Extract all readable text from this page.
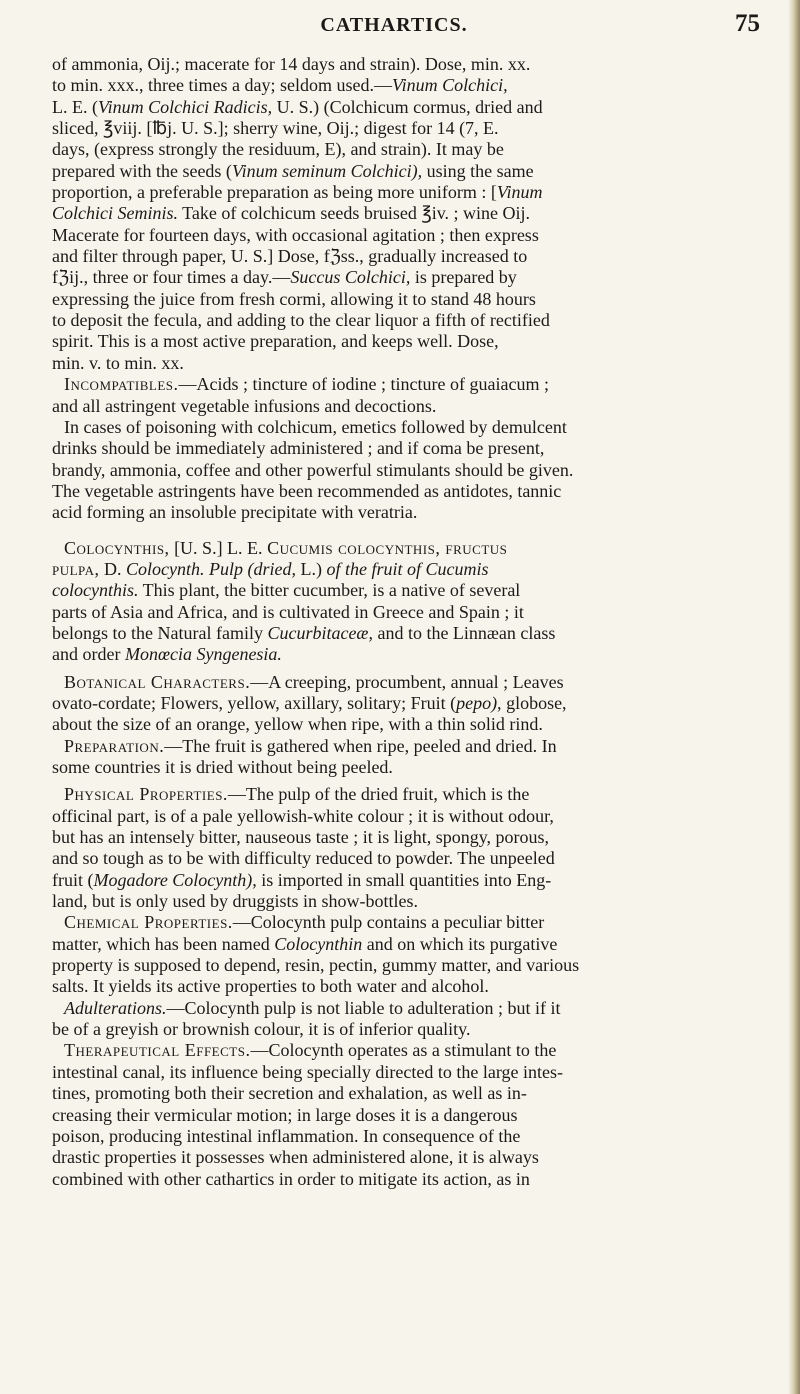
CATHARTICS.	75

of ammonia, Oij.; macerate for 14 days and strain). Dose, min. xx.

to min. xxx., three times a day; seldom used.—Vinum Colchici,

L. E. (Vinum Colchici Radicis, U. S.) (Colchicum cormus, dried and

sliced, ℥viij. [℔j. U. S.]; sherry wine, Oij.; digest for 14 (7, E.

days, (express strongly the residuum, E), and strain). It may be

prepared with the seeds (Vinum seminum Colchici), using the same

proportion, a preferable preparation as being more uniform : [Vinum

Colchici Seminis. Take of colchicum seeds bruised ℥iv. ; wine Oij.

Macerate for fourteen days, with occasional agitation ; then express

and filter through paper, U. S.] Dose, fℨss., gradually increased to

fℨij., three or four times a day.—Succus Colchici, is prepared by

expressing the juice from fresh cormi, allowing it to stand 48 hours

to deposit the fecula, and adding to the clear liquor a fifth of rectified

spirit. This is a most active preparation, and keeps well. Dose,

min. v. to min. xx.

Incompatibles.—Acids ; tincture of iodine ; tincture of guaiacum ;

and all astringent vegetable infusions and decoctions.

In cases of poisoning with colchicum, emetics followed by demulcent

drinks should be immediately administered ; and if coma be present,

brandy, ammonia, coffee and other powerful stimulants should be given.

The vegetable astringents have been recommended as antidotes, tannic

acid forming an insoluble precipitate with veratria.

Colocynthis, [U. S.] L. E. Cucumis colocynthis, fructus

pulpa, D. Colocynth. Pulp (dried, L.) of the fruit of Cucumis

colocynthis. This plant, the bitter cucumber, is a native of several

parts of Asia and Africa, and is cultivated in Greece and Spain ; it

belongs to the Natural family Cucurbitaceæ, and to the Linnæan class

and order Monœcia Syngenesia.

Botanical Characters.—A creeping, procumbent, annual ; Leaves

ovato-cordate; Flowers, yellow, axillary, solitary; Fruit (pepo), globose,

about the size of an orange, yellow when ripe, with a thin solid rind.

Preparation.—The fruit is gathered when ripe, peeled and dried. In

some countries it is dried without being peeled.

Physical Properties.—The pulp of the dried fruit, which is the

officinal part, is of a pale yellowish-white colour ; it is without odour,

but has an intensely bitter, nauseous taste ; it is light, spongy, porous,

and so tough as to be with difficulty reduced to powder. The unpeeled

fruit (Mogadore Colocynth), is imported in small quantities into Eng-

land, but is only used by druggists in show-bottles.

Chemical Properties.—Colocynth pulp contains a peculiar bitter

matter, which has been named Colocynthin and on which its purgative

property is supposed to depend, resin, pectin, gummy matter, and various

salts. It yields its active properties to both water and alcohol.

Adulterations.—Colocynth pulp is not liable to adulteration ; but if it

be of a greyish or brownish colour, it is of inferior quality.

Therapeutical Effects.—Colocynth operates as a stimulant to the

intestinal canal, its influence being specially directed to the large intes-

tines, promoting both their secretion and exhalation, as well as in-

creasing their vermicular motion; in large doses it is a dangerous

poison, producing intestinal inflammation. In consequence of the

drastic properties it possesses when administered alone, it is always

combined with other cathartics in order to mitigate its action, as in
